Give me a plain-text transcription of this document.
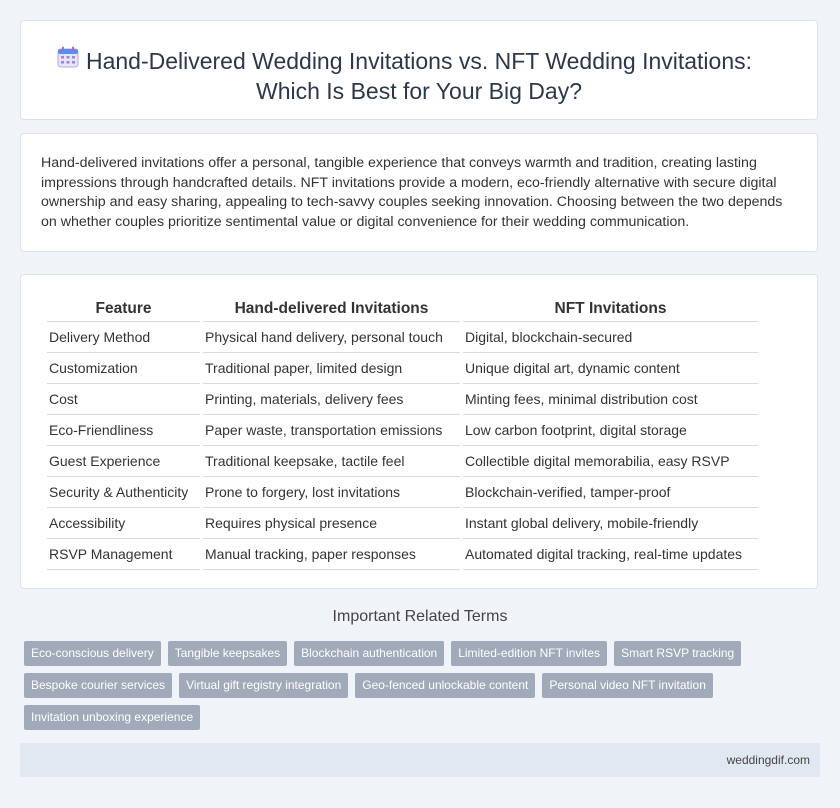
Hand-Delivered Wedding Invitations vs. NFT Wedding Invitations:
Which Is Best for Your Big Day?

Hand-delivered invitations offer a personal, tangible experience that conveys warmth and tradition, creating lasting impressions through handcrafted details. NFT invitations provide a modern, eco-friendly alternative with secure digital ownership and easy sharing, appealing to tech-savvy couples seeking innovation. Choosing between the two depends on whether couples prioritize sentimental value or digital convenience for their wedding communication.

Feature	Hand-delivered Invitations	NFT Invitations
Delivery Method	Physical hand delivery, personal touch	Digital, blockchain-secured
Customization	Traditional paper, limited design	Unique digital art, dynamic content
Cost	Printing, materials, delivery fees	Minting fees, minimal distribution cost
Eco-Friendliness	Paper waste, transportation emissions	Low carbon footprint, digital storage
Guest Experience	Traditional keepsake, tactile feel	Collectible digital memorabilia, easy RSVP
Security & Authenticity	Prone to forgery, lost invitations	Blockchain-verified, tamper-proof
Accessibility	Requires physical presence	Instant global delivery, mobile-friendly
RSVP Management	Manual tracking, paper responses	Automated digital tracking, real-time updates
Important Related Terms
Eco-conscious delivery	Tangible keepsakes	Blockchain authentication	Limited-edition NFT invites	Smart RSVP tracking
Bespoke courier services	Virtual gift registry integration	Geo-fenced unlockable content	Personal video NFT invitation
Invitation unboxing experience
weddingdif.com
